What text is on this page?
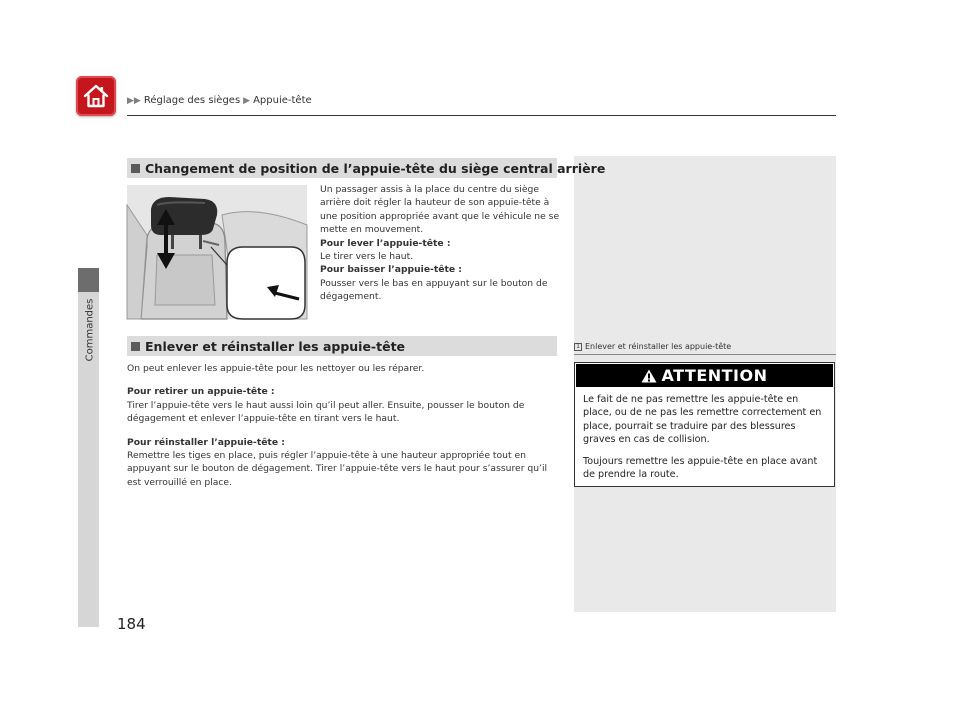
▶▶ Réglage des sièges ▶ Appuie-tête
Commandes
Changement de position de l’appuie-tête du siège central arrière
Un passager assis à la place du centre du siège arrière doit régler la hauteur de son appuie-tête à une position appropriée avant que le véhicule ne se mette en mouvement.
Pour lever l’appuie-tête :
Le tirer vers le haut.
Pour baisser l’appuie-tête :
Pousser vers le bas en appuyant sur le bouton de dégagement.
Enlever et réinstaller les appuie-tête

On peut enlever les appuie-tête pour les nettoyer ou les réparer.

Pour retirer un appuie-tête :

Tirer l’appuie-tête vers le haut aussi loin qu’il peut aller. Ensuite, pousser le bouton de dégagement et enlever l’appuie-tête en tirant vers le haut.

Pour réinstaller l’appuie-tête :

Remettre les tiges en place, puis régler l’appuie-tête à une hauteur appropriée tout en appuyant sur le bouton de dégagement. Tirer l’appuie-tête vers le haut pour s’assurer qu’il est verrouillé en place.

1 Enlever et réinstaller les appuie-tête
ATTENTION

Le fait de ne pas remettre les appuie-tête en place, ou de ne pas les remettre correctement en place, pourrait se traduire par des blessures graves en cas de collision.

Toujours remettre les appuie-tête en place avant de prendre la route.

184
